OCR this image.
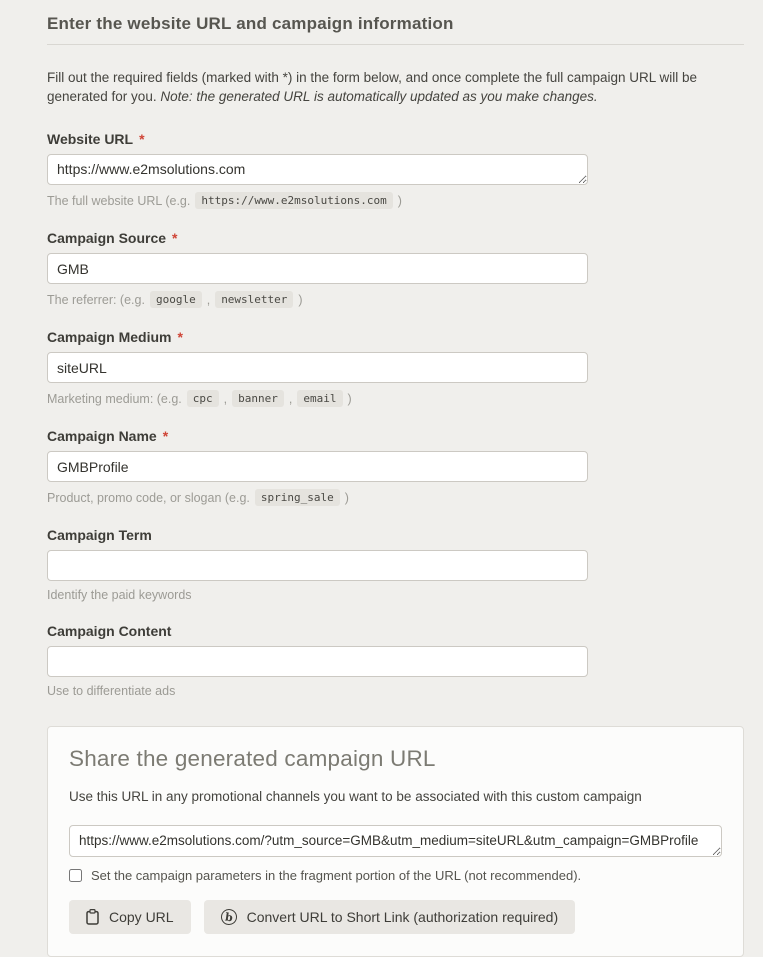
Enter the website URL and campaign information

Fill out the required fields (marked with *) in the form below, and once complete the full campaign URL will be generated for you. Note: the generated URL is automatically updated as you make changes.

Website URL *
https://www.e2msolutions.com
The full website URL (e.g.	https://www.e2msolutions.com )
Campaign Source *
GMB
The referrer: (e.g.	google ,	newsletter )
Campaign Medium *
siteURL
Marketing medium: (e.g.	cpc ,	banner ,	email )
Campaign Name *
GMBProfile
Product, promo code, or slogan (e.g.	spring_sale )
Campaign Term
Identify the paid keywords
Campaign Content
Use to differentiate ads
Share the generated campaign URL

Use this URL in any promotional channels you want to be associated with this custom campaign

https://www.e2msolutions.com/?utm_source=GMB&utm_medium=siteURL&utm_campaign=GMBProfile
Set the campaign parameters in the fragment portion of the URL (not recommended).
Copy URL	b Convert URL to Short Link (authorization required)
